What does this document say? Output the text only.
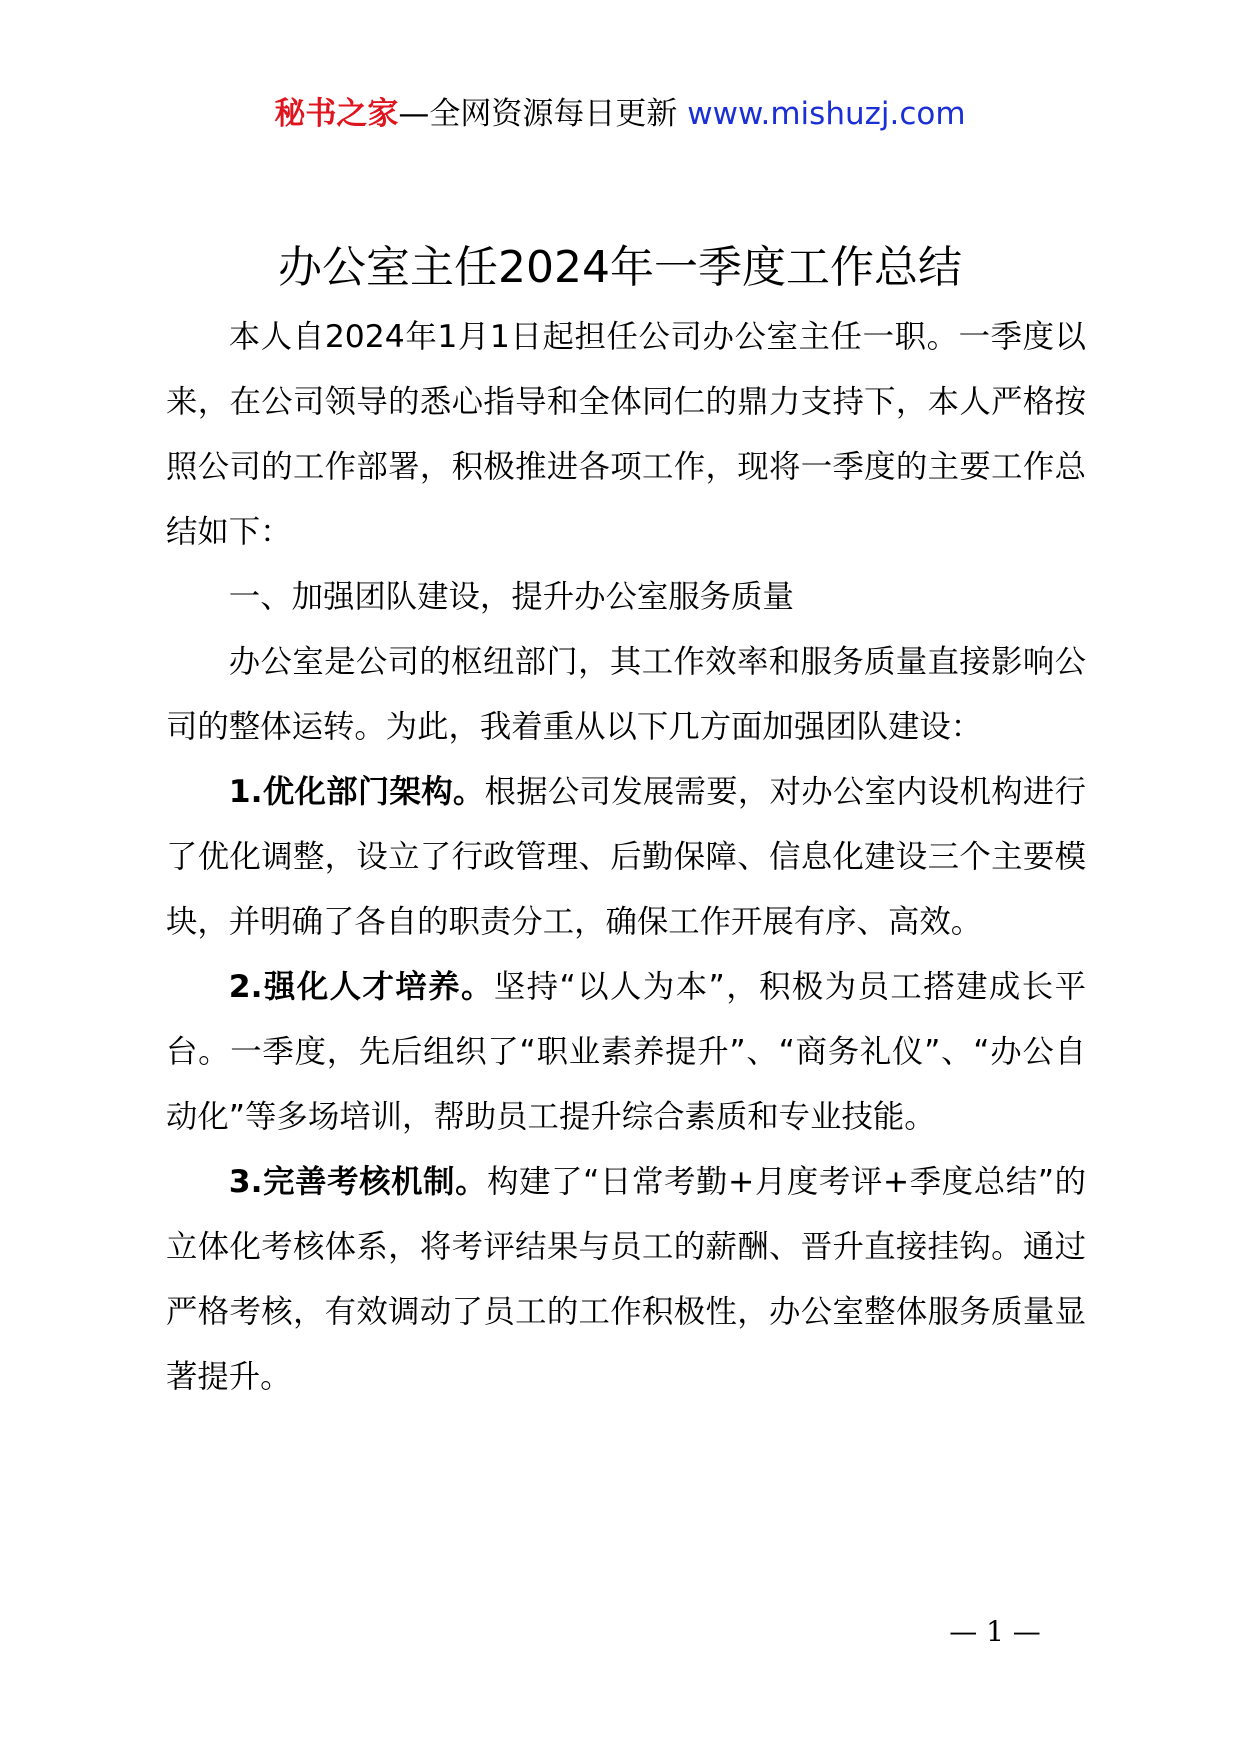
秘书之家—全网资源每日更新 www.mishuzj.com
办公室主任2024年一季度工作总结

本人自2024年1月1日起担任公司办公室主任一职。一季度以来，在公司领导的悉心指导和全体同仁的鼎力支持下，本人严格按照公司的工作部署，积极推进各项工作，现将一季度的主要工作总结如下：

一、加强团队建设，提升办公室服务质量

办公室是公司的枢纽部门，其工作效率和服务质量直接影响公司的整体运转。为此，我着重从以下几方面加强团队建设：

1.优化部门架构。根据公司发展需要，对办公室内设机构进行了优化调整，设立了行政管理、后勤保障、信息化建设三个主要模块，并明确了各自的职责分工，确保工作开展有序、高效。

2.强化人才培养。坚持“以人为本”，积极为员工搭建成长平台。一季度，先后组织了“职业素养提升”、“商务礼仪”、“办公自动化”等多场培训，帮助员工提升综合素质和专业技能。

3.完善考核机制。构建了“日常考勤+月度考评+季度总结”的立体化考核体系，将考评结果与员工的薪酬、晋升直接挂钩。通过严格考核，有效调动了员工的工作积极性，办公室整体服务质量显著提升。

— 1 —
